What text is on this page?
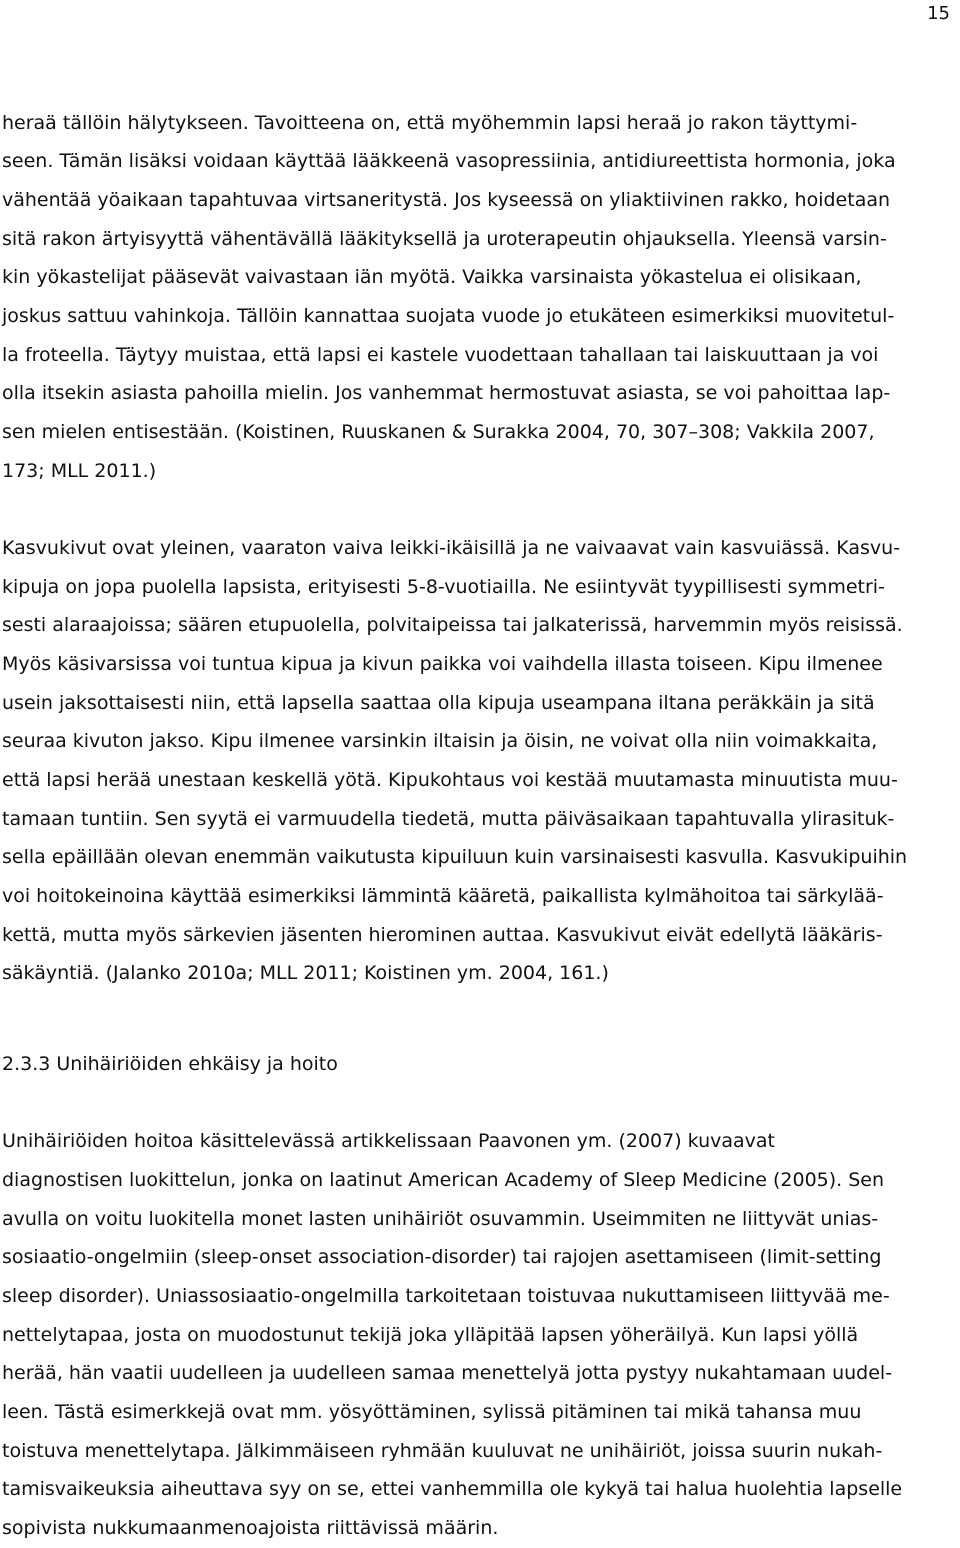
15

heraä tällöin hälytykseen. Tavoitteena on, että myöhemmin lapsi heraä jo rakon täyttymi-

seen. Tämän lisäksi voidaan käyttää lääkkeenä vasopressiinia, antidiureettista hormonia, joka

vähentää yöaikaan tapahtuvaa virtsaneritystä. Jos kyseessä on yliaktiivinen rakko, hoidetaan

sitä rakon ärtyisyyttä vähentävällä lääkityksellä ja uroterapeutin ohjauksella. Yleensä varsin-

kin yökastelijat pääsevät vaivastaan iän myötä. Vaikka varsinaista yökastelua ei olisikaan,

joskus sattuu vahinkoja. Tällöin kannattaa suojata vuode jo etukäteen esimerkiksi muovitetul-

la froteella. Täytyy muistaa, että lapsi ei kastele vuodettaan tahallaan tai laiskuuttaan ja voi

olla itsekin asiasta pahoilla mielin. Jos vanhemmat hermostuvat asiasta, se voi pahoittaa lap-

sen mielen entisestään. (Koistinen, Ruuskanen & Surakka 2004, 70, 307–308; Vakkila 2007,

173; MLL 2011.)

Kasvukivut ovat yleinen, vaaraton vaiva leikki-ikäisillä ja ne vaivaavat vain kasvuiässä. Kasvu-

kipuja on jopa puolella lapsista, erityisesti 5-8-vuotiailla. Ne esiintyvät tyypillisesti symmetri-

sesti alaraajoissa; säären etupuolella, polvitaipeissa tai jalkaterissä, harvemmin myös reisissä.

Myös käsivarsissa voi tuntua kipua ja kivun paikka voi vaihdella illasta toiseen. Kipu ilmenee

usein jaksottaisesti niin, että lapsella saattaa olla kipuja useampana iltana peräkkäin ja sitä

seuraa kivuton jakso. Kipu ilmenee varsinkin iltaisin ja öisin, ne voivat olla niin voimakkaita,

että lapsi herää unestaan keskellä yötä. Kipukohtaus voi kestää muutamasta minuutista muu-

tamaan tuntiin. Sen syytä ei varmuudella tiedetä, mutta päiväsaikaan tapahtuvalla ylirasituk-

sella epäillään olevan enemmän vaikutusta kipuiluun kuin varsinaisesti kasvulla. Kasvukipuihin

voi hoitokeinoina käyttää esimerkiksi lämmintä kääretä, paikallista kylmähoitoa tai särkylää-

kettä, mutta myös särkevien jäsenten hierominen auttaa. Kasvukivut eivät edellytä lääkäris-

säkäyntiä. (Jalanko 2010a; MLL 2011; Koistinen ym. 2004, 161.)

2.3.3 Unihäiriöiden ehkäisy ja hoito

Unihäiriöiden hoitoa käsittelevässä artikkelissaan Paavonen ym. (2007) kuvaavat

diagnostisen luokittelun, jonka on laatinut American Academy of Sleep Medicine (2005). Sen

avulla on voitu luokitella monet lasten unihäiriöt osuvammin. Useimmiten ne liittyvät unias-

sosiaatio-ongelmiin (sleep-onset association-disorder) tai rajojen asettamiseen (limit-setting

sleep disorder). Uniassosiaatio-ongelmilla tarkoitetaan toistuvaa nukuttamiseen liittyvää me-

nettelytapaa, josta on muodostunut tekijä joka ylläpitää lapsen yöheräilyä. Kun lapsi yöllä

herää, hän vaatii uudelleen ja uudelleen samaa menettelyä jotta pystyy nukahtamaan uudel-

leen. Tästä esimerkkejä ovat mm. yösyöttäminen, sylissä pitäminen tai mikä tahansa muu

toistuva menettelytapa. Jälkimmäiseen ryhmään kuuluvat ne unihäiriöt, joissa suurin nukah-

tamisvaikeuksia aiheuttava syy on se, ettei vanhemmilla ole kykyä tai halua huolehtia lapselle

sopivista nukkumaanmenoajoista riittävissä määrin.
